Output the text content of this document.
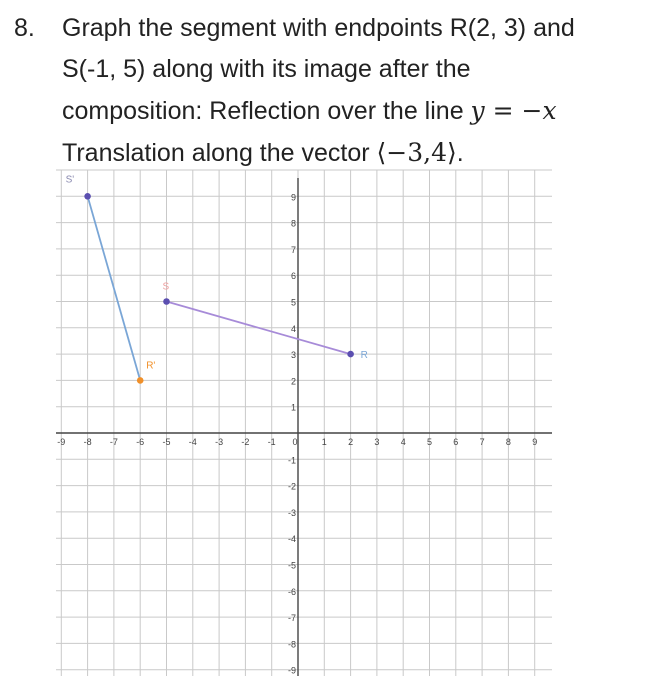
8. Graph the segment with endpoints R(2, 3) and
S(-1, 5) along with its image after the
composition: Reflection over the line y = −x
Translation along the vector ⟨−3,4⟩.
-9 -8 -7 -6 -5 -4 -3 -2 -1 0	1 2 3 4 5 6 7 8 9
-9
-8
-7
-6
-5
-4
-3
-2
-1
1
2
3
4
5
6
7
8
9
S'
R'
S
R
